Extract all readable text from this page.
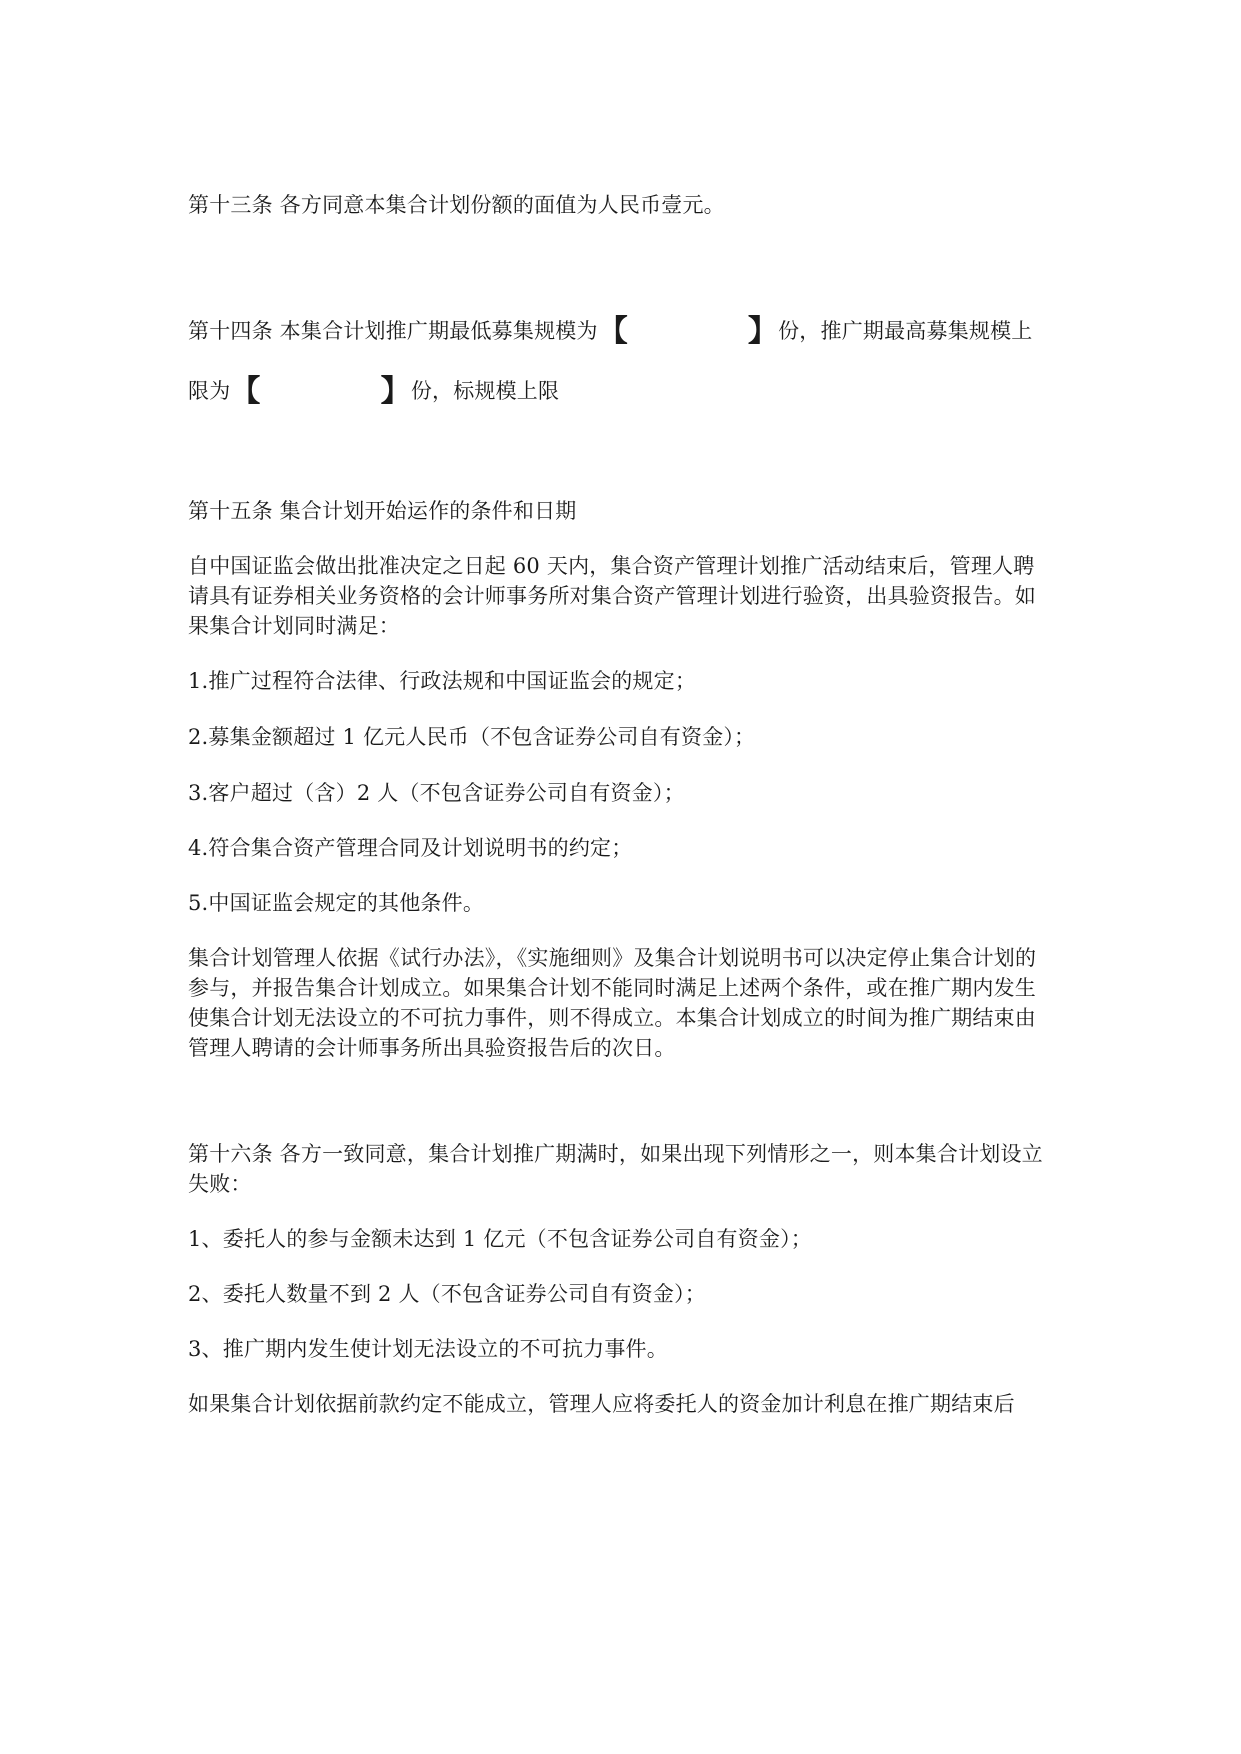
第十三条 各方同意本集合计划份额的面值为人民币壹元。
第十四条 本集合计划推广期最低募集规模为【	】份，推广期最高募集规模上
限为【	】份，标规模上限
第十五条 集合计划开始运作的条件和日期
自中国证监会做出批准决定之日起 60 天内，集合资产管理计划推广活动结束后，管理人聘请具有证券相关业务资格的会计师事务所对集合资产管理计划进行验资，出具验资报告。如果集合计划同时满足：
1.推广过程符合法律、行政法规和中国证监会的规定；
2.募集金额超过 1 亿元人民币（不包含证券公司自有资金）；
3.客户超过（含）2 人（不包含证券公司自有资金）；
4.符合集合资产管理合同及计划说明书的约定；
5.中国证监会规定的其他条件。
集合计划管理人依据《试行办法》，《实施细则》及集合计划说明书可以决定停止集合计划的参与，并报告集合计划成立。如果集合计划不能同时满足上述两个条件，或在推广期内发生使集合计划无法设立的不可抗力事件，则不得成立。本集合计划成立的时间为推广期结束由管理人聘请的会计师事务所出具验资报告后的次日。
第十六条 各方一致同意，集合计划推广期满时，如果出现下列情形之一，则本集合计划设立失败：
1、委托人的参与金额未达到 1 亿元（不包含证券公司自有资金）；
2、委托人数量不到 2 人（不包含证券公司自有资金）；
3、推广期内发生使计划无法设立的不可抗力事件。
如果集合计划依据前款约定不能成立，管理人应将委托人的资金加计利息在推广期结束后
